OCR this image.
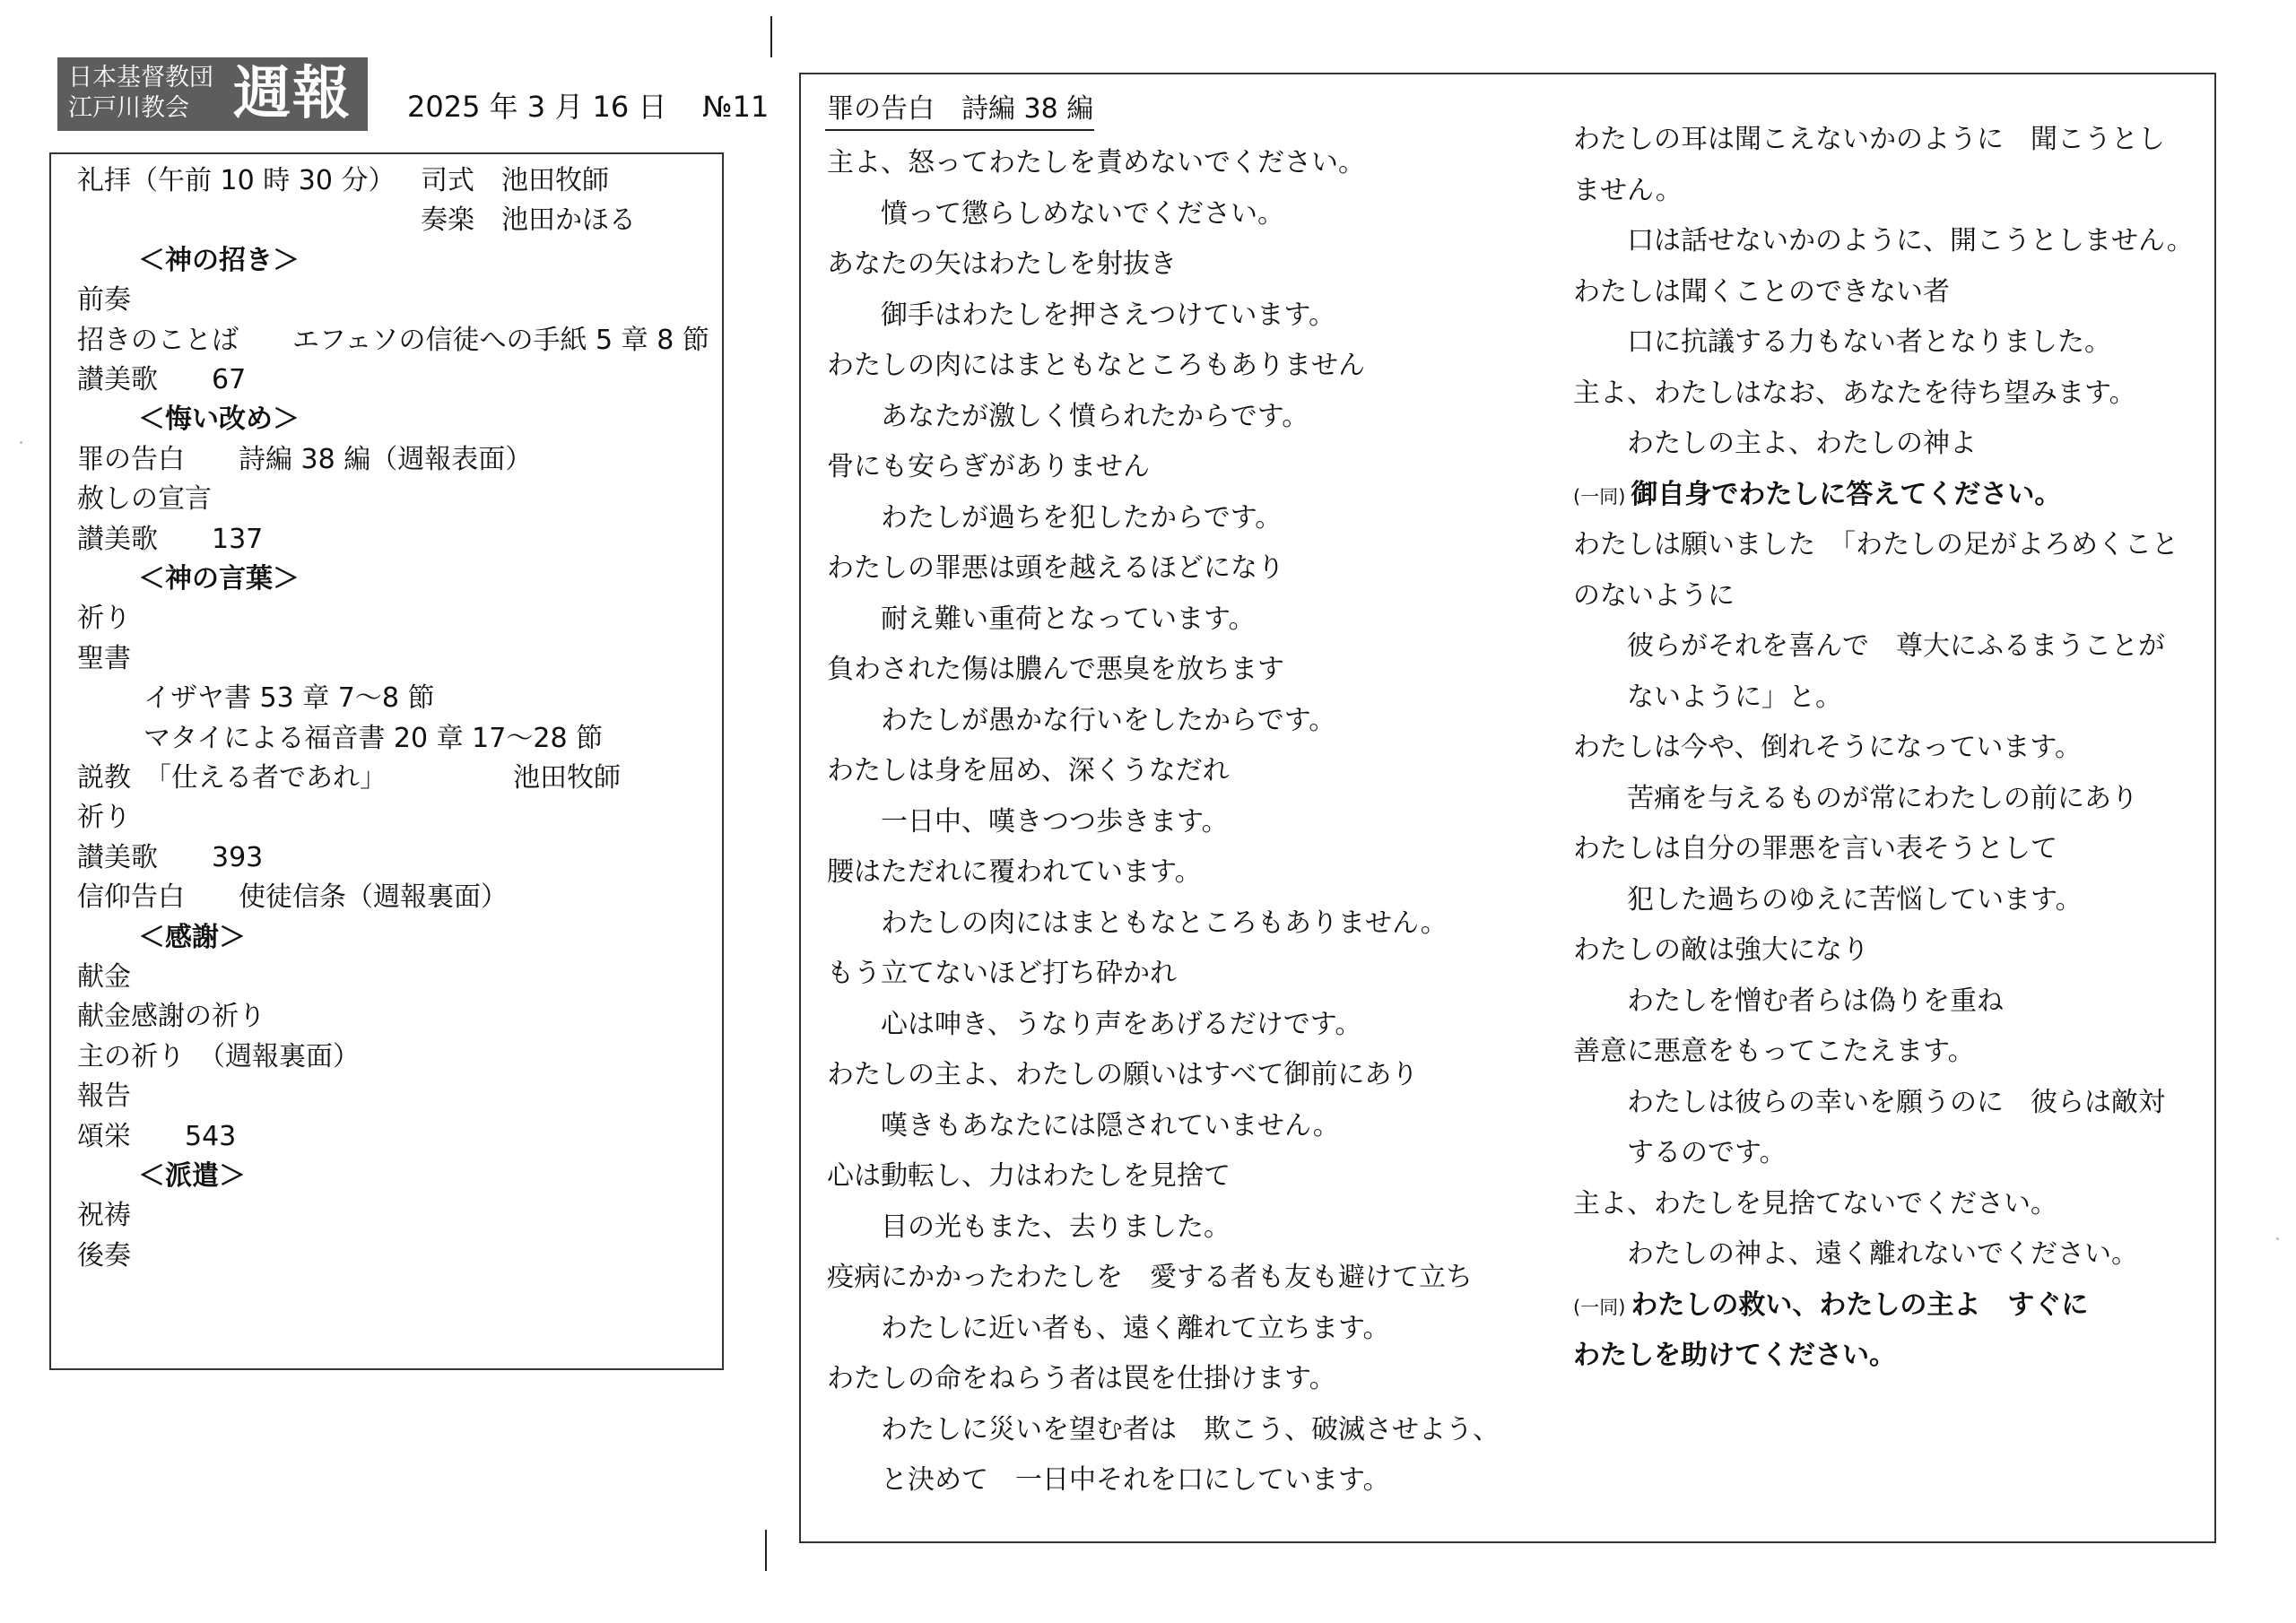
日本基督教団
江戸川教会 週報 2025 年 3 月 16 日 №11
礼拝（午前 10 時 30 分） 司式　池田牧師
奏楽　池田かほる
＜神の招き＞
前奏
招きのことば　　エフェソの信徒への手紙 5 章 8 節
讃美歌　　67
＜悔い改め＞
罪の告白　　詩編 38 編（週報表面）
赦しの宣言
讃美歌　　137
＜神の言葉＞
祈り
聖書
イザヤ書 53 章 7～8 節
マタイによる福音書 20 章 17～28 節
説教　「仕える者であれ」	池田牧師
祈り
讃美歌　　393
信仰告白　　使徒信条（週報裏面）
＜感謝＞
献金
献金感謝の祈り
主の祈り　（週報裏面）
報告
頌栄　　543
＜派遣＞
祝祷
後奏
罪の告白　詩編 38 編
主よ、怒ってわたしを責めないでください。
憤って懲らしめないでください。
あなたの矢はわたしを射抜き
御手はわたしを押さえつけています。
わたしの肉にはまともなところもありません
あなたが激しく憤られたからです。
骨にも安らぎがありません
わたしが過ちを犯したからです。
わたしの罪悪は頭を越えるほどになり
耐え難い重荷となっています。
負わされた傷は膿んで悪臭を放ちます
わたしが愚かな行いをしたからです。
わたしは身を屈め、深くうなだれ
一日中、嘆きつつ歩きます。
腰はただれに覆われています。
わたしの肉にはまともなところもありません。
もう立てないほど打ち砕かれ
心は呻き、うなり声をあげるだけです。
わたしの主よ、わたしの願いはすべて御前にあり
嘆きもあなたには隠されていません。
心は動転し、力はわたしを見捨て
目の光もまた、去りました。
疫病にかかったわたしを　愛する者も友も避けて立ち
わたしに近い者も、遠く離れて立ちます。
わたしの命をねらう者は罠を仕掛けます。
わたしに災いを望む者は　欺こう、破滅させよう、
と決めて　一日中それを口にしています。
わたしの耳は聞こえないかのように　聞こうとし
ません。
口は話せないかのように、開こうとしません。
わたしは聞くことのできない者
口に抗議する力もない者となりました。
主よ、わたしはなお、あなたを待ち望みます。
わたしの主よ、わたしの神よ
(一同) 御自身でわたしに答えてください。
わたしは願いました　「わたしの足がよろめくこと
のないように
彼らがそれを喜んで　尊大にふるまうことが
ないように」と。
わたしは今や、倒れそうになっています。
苦痛を与えるものが常にわたしの前にあり
わたしは自分の罪悪を言い表そうとして
犯した過ちのゆえに苦悩しています。
わたしの敵は強大になり
わたしを憎む者らは偽りを重ね
善意に悪意をもってこたえます。
わたしは彼らの幸いを願うのに　彼らは敵対
するのです。
主よ、わたしを見捨てないでください。
わたしの神よ、遠く離れないでください。
(一同) わたしの救い、わたしの主よ　すぐに
わたしを助けてください。
